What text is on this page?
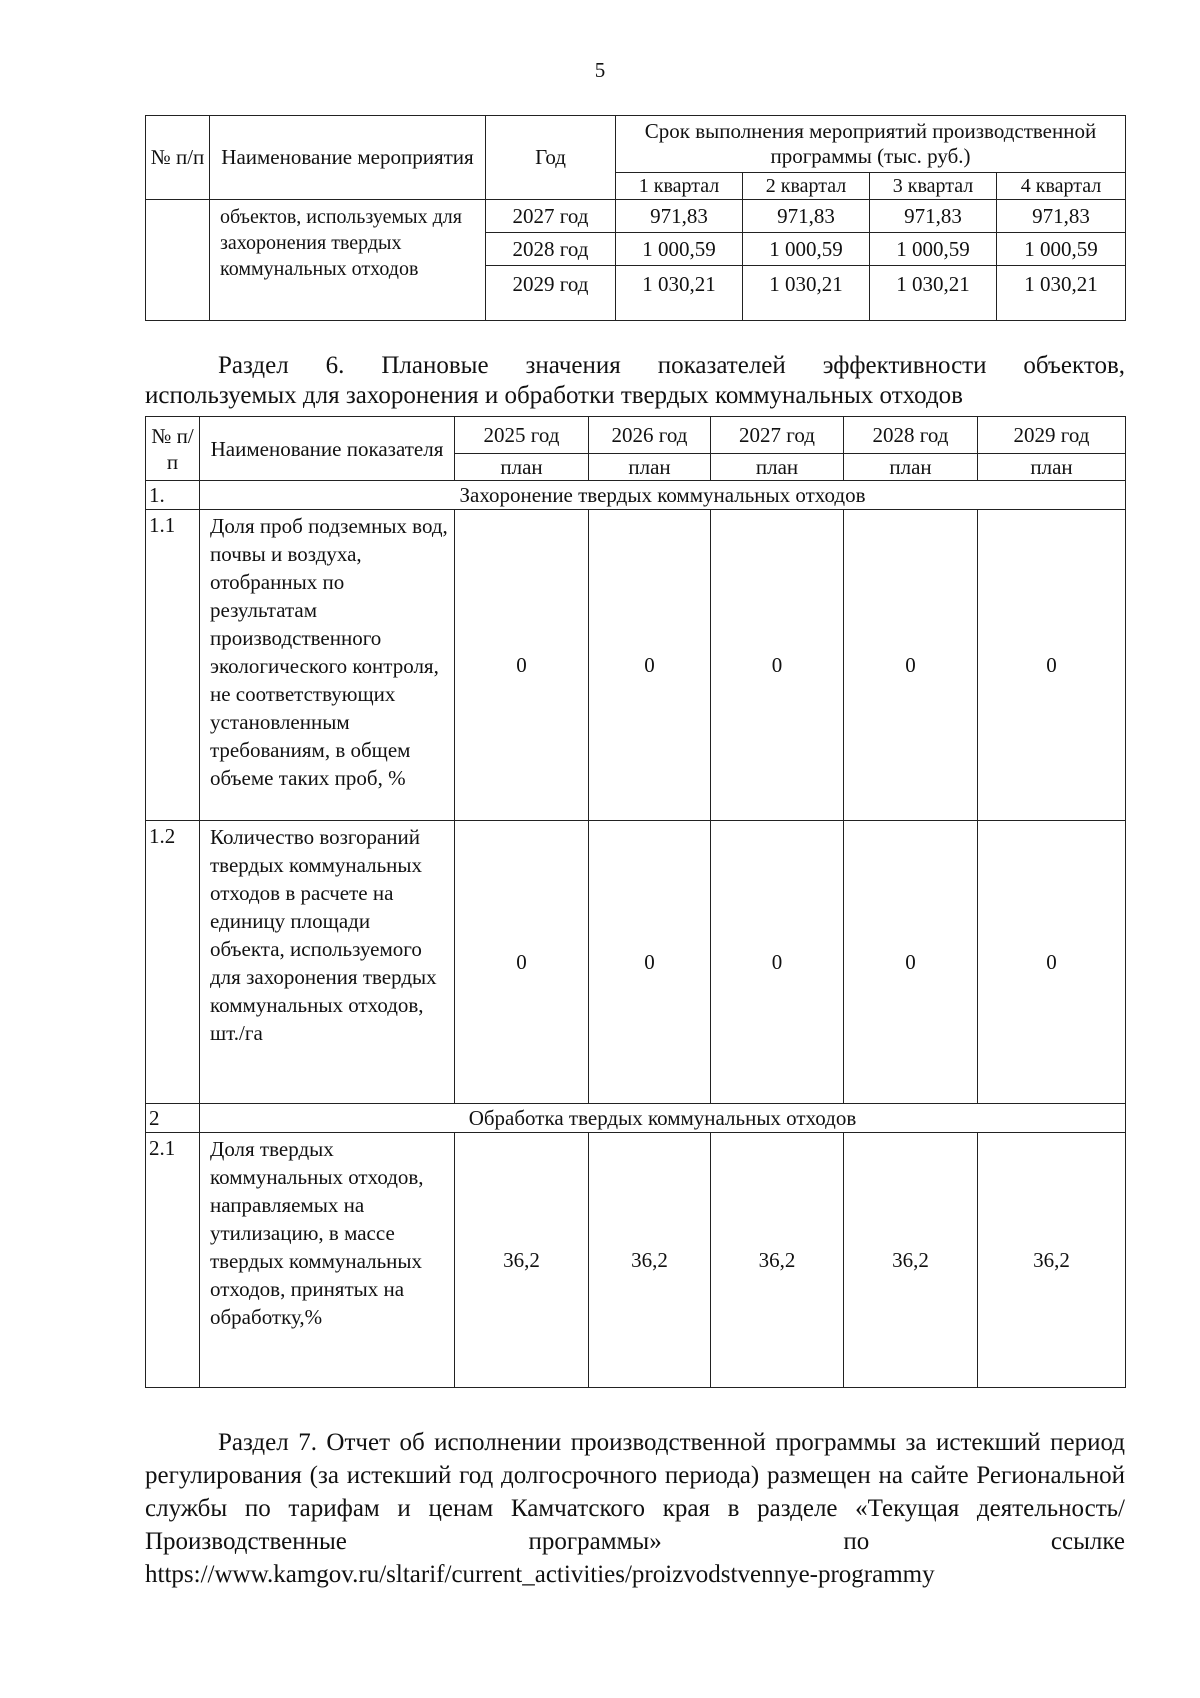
5
№ п/п	Наименование мероприятия	Год	Срок выполнения мероприятий производственной программы (тыс. руб.)			
			1 квартал	2 квартал	3 квартал	4 квартал
	объектов, используемых для захоронения твердых коммунальных отходов	2027 год	971,83	971,83	971,83	971,83
		2028 год	1 000,59	1 000,59	1 000,59	1 000,59
		2029 год	1 030,21	1 030,21	1 030,21	1 030,21
Раздел 6. Плановые значения показателей эффективности объектов,
используемых для захоронения и обработки твердых коммунальных отходов
№ п/п	Наименование показателя	2025 год	2026 год	2027 год	2028 год	2029 год
		план	план	план	план	план
1.	Захоронение твердых коммунальных отходов					
1.1	Доля проб подземных вод, почвы и воздуха, отобранных по результатам производственного экологического контроля, не соответствующих установленным требованиям, в общем объеме таких проб, %	0	0	0	0	0
1.2	Количество возгораний твердых коммунальных отходов в расчете на единицу площади объекта, используемого для захоронения твердых коммунальных отходов, шт./га	0	0	0	0	0
2	Обработка твердых коммунальных отходов					
2.1	Доля твердых коммунальных отходов, направляемых на утилизацию, в массе твердых коммунальных отходов, принятых на обработку,%	36,2	36,2	36,2	36,2	36,2

Раздел 7. Отчет об исполнении производственной программы за истекший период регулирования (за истекший год долгосрочного периода) размещен на сайте Региональной службы по тарифам и ценам Камчатского края в разделе «Текущая деятельность/Производственные программы» по ссылке https://www.kamgov.ru/sltarif/current_activities/proizvodstvennye-programmy
